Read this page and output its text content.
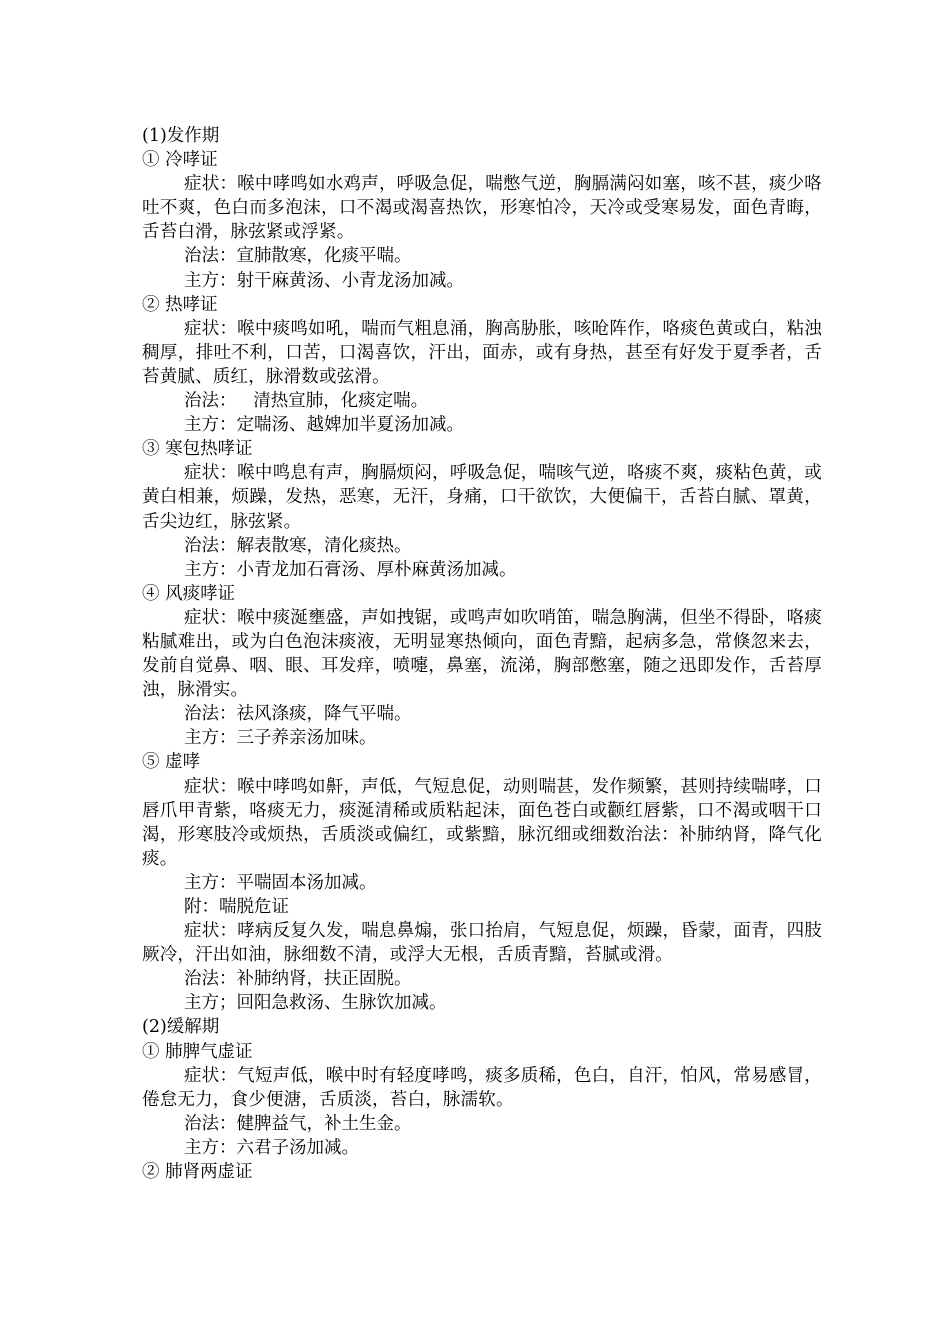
(1)发作期
① 冷哮证
症状：喉中哮鸣如水鸡声，呼吸急促，喘憋气逆，胸膈满闷如塞，咳不甚，痰少咯吐不爽，色白而多泡沫，口不渴或渴喜热饮，形寒怕冷，天冷或受寒易发，面色青晦，舌苔白滑，脉弦紧或浮紧。
治法：宣肺散寒，化痰平喘。
主方：射干麻黄汤、小青龙汤加减。
② 热哮证
症状：喉中痰鸣如吼，喘而气粗息涌，胸高胁胀，咳呛阵作，咯痰色黄或白，粘浊稠厚，排吐不利，口苦，口渴喜饮，汗出，面赤，或有身热，甚至有好发于夏季者，舌苔黄腻、质红，脉滑数或弦滑。
治法：   清热宣肺，化痰定喘。
主方：定喘汤、越婢加半夏汤加减。
③ 寒包热哮证
症状：喉中鸣息有声，胸膈烦闷，呼吸急促，喘咳气逆，咯痰不爽，痰粘色黄，或黄白相兼，烦躁，发热，恶寒，无汗，身痛，口干欲饮，大便偏干，舌苔白腻、罩黄，舌尖边红，脉弦紧。
治法：解表散寒，清化痰热。
主方：小青龙加石膏汤、厚朴麻黄汤加减。
④ 风痰哮证
症状：喉中痰涎壅盛，声如拽锯，或鸣声如吹哨笛，喘急胸满，但坐不得卧，咯痰粘腻难出，或为白色泡沫痰液，无明显寒热倾向，面色青黯，起病多急，常倏忽来去，发前自觉鼻、咽、眼、耳发痒，喷嚏，鼻塞，流涕，胸部憋塞，随之迅即发作，舌苔厚浊，脉滑实。
治法：祛风涤痰，降气平喘。
主方：三子养亲汤加味。
⑤ 虚哮
症状：喉中哮鸣如鼾，声低，气短息促，动则喘甚，发作频繁，甚则持续喘哮，口唇爪甲青紫，咯痰无力，痰涎清稀或质粘起沫，面色苍白或颧红唇紫，口不渴或咽干口渴，形寒肢冷或烦热，舌质淡或偏红，或紫黯，脉沉细或细数治法：补肺纳肾，降气化痰。
主方：平喘固本汤加减。
附：喘脱危证
症状：哮病反复久发，喘息鼻煽，张口抬肩，气短息促，烦躁，昏蒙，面青，四肢厥冷，汗出如油，脉细数不清，或浮大无根，舌质青黯，苔腻或滑。
治法：补肺纳肾，扶正固脱。
主方；回阳急救汤、生脉饮加减。
(2)缓解期
① 肺脾气虚证
症状：气短声低，喉中时有轻度哮鸣，痰多质稀，色白，自汗，怕风，常易感冒，倦怠无力，食少便溏，舌质淡，苔白，脉濡软。
治法：健脾益气，补土生金。
主方：六君子汤加减。
② 肺肾两虚证
